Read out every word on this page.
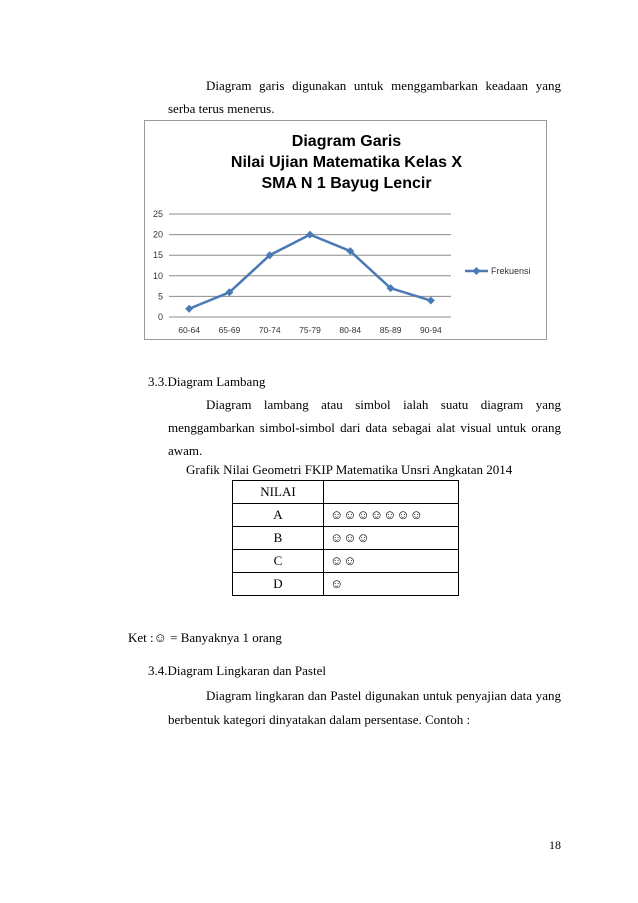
Diagram garis digunakan untuk menggambarkan keadaan yang
serba terus menerus.
Diagram Garis
Nilai Ujian Matematika Kelas X
SMA N 1 Bayug Lencir
0
5
10
15
20
25
60-64 65-69 70-74 75-79 80-84 85-89 90-94
Frekuensi
3.3.Diagram Lambang
Diagram lambang atau simbol ialah suatu diagram yang
menggambarkan simbol-simbol dari data sebagai alat visual untuk orang
awam.
Grafik Nilai Geometri FKIP Matematika Unsri Angkatan 2014
NILAI	
A	☺☺☺☺☺☺☺
B	☺☺☺
C	☺☺
D	☺
Ket :☺ = Banyaknya 1 orang
3.4.Diagram Lingkaran dan Pastel
Diagram lingkaran dan Pastel digunakan untuk penyajian data yang
berbentuk kategori dinyatakan dalam persentase. Contoh :
18
